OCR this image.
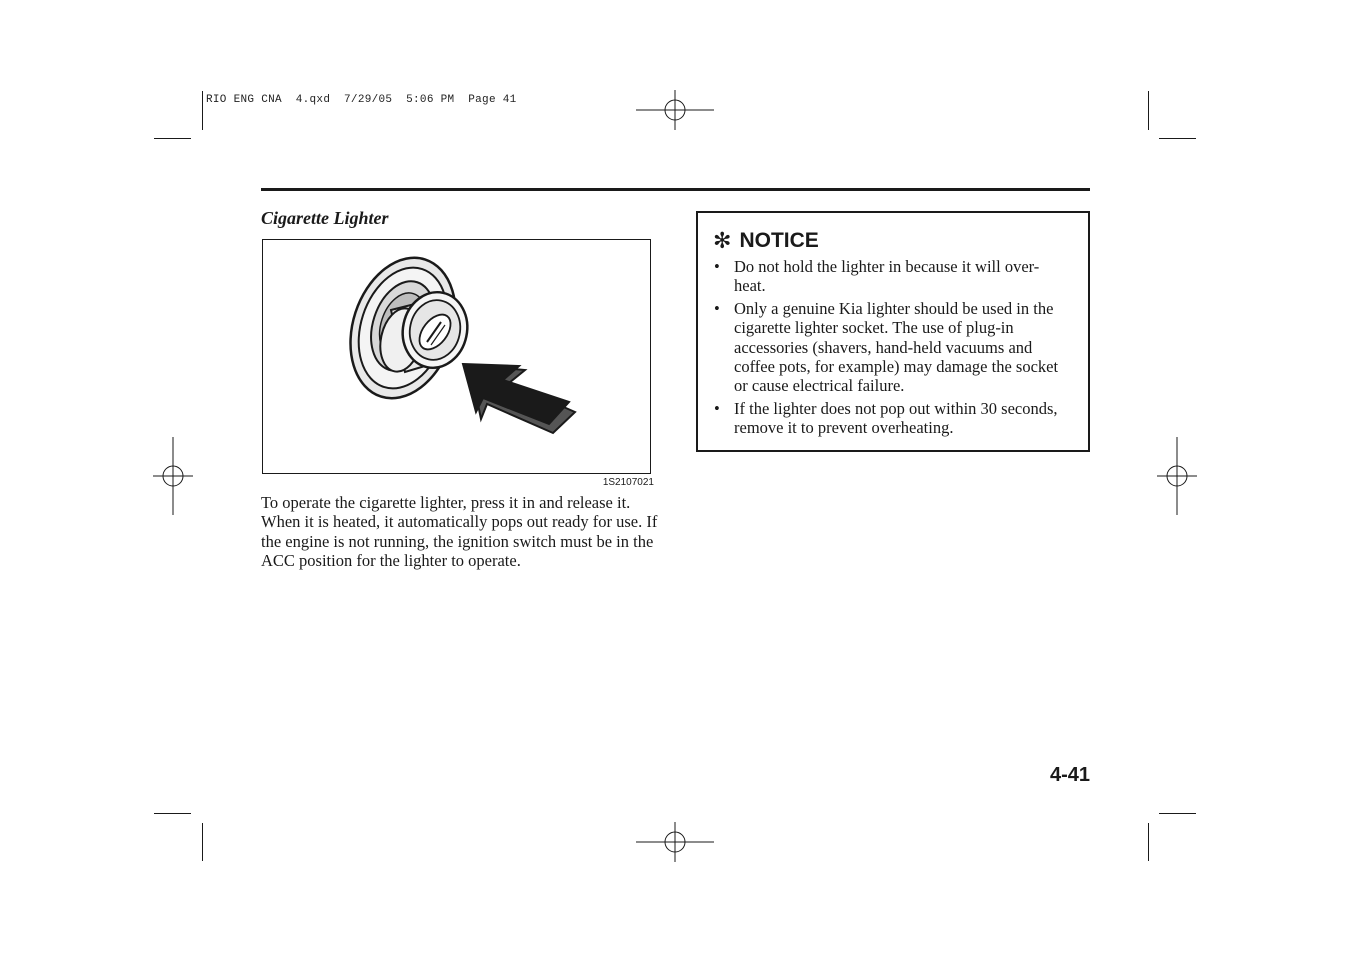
RIO ENG CNA  4.qxd  7/29/05  5:06 PM  Page 41
Cigarette Lighter
1S2107021
To operate the cigarette lighter, press it in and release it. When it is heated, it automatically pops out ready for use. If the engine is not running, the ignition switch must be in the ACC position for the lighter to operate.
✻ NOTICE
• Do not hold the lighter in because it will over- heat.
• Only a genuine Kia lighter should be used in the cigarette lighter socket. The use of plug-in accessories (shavers, hand-held vacuums and coffee pots, for example) may damage the socket or cause electrical failure.
• If the lighter does not pop out within 30 seconds, remove it to prevent overheating.
4-41
